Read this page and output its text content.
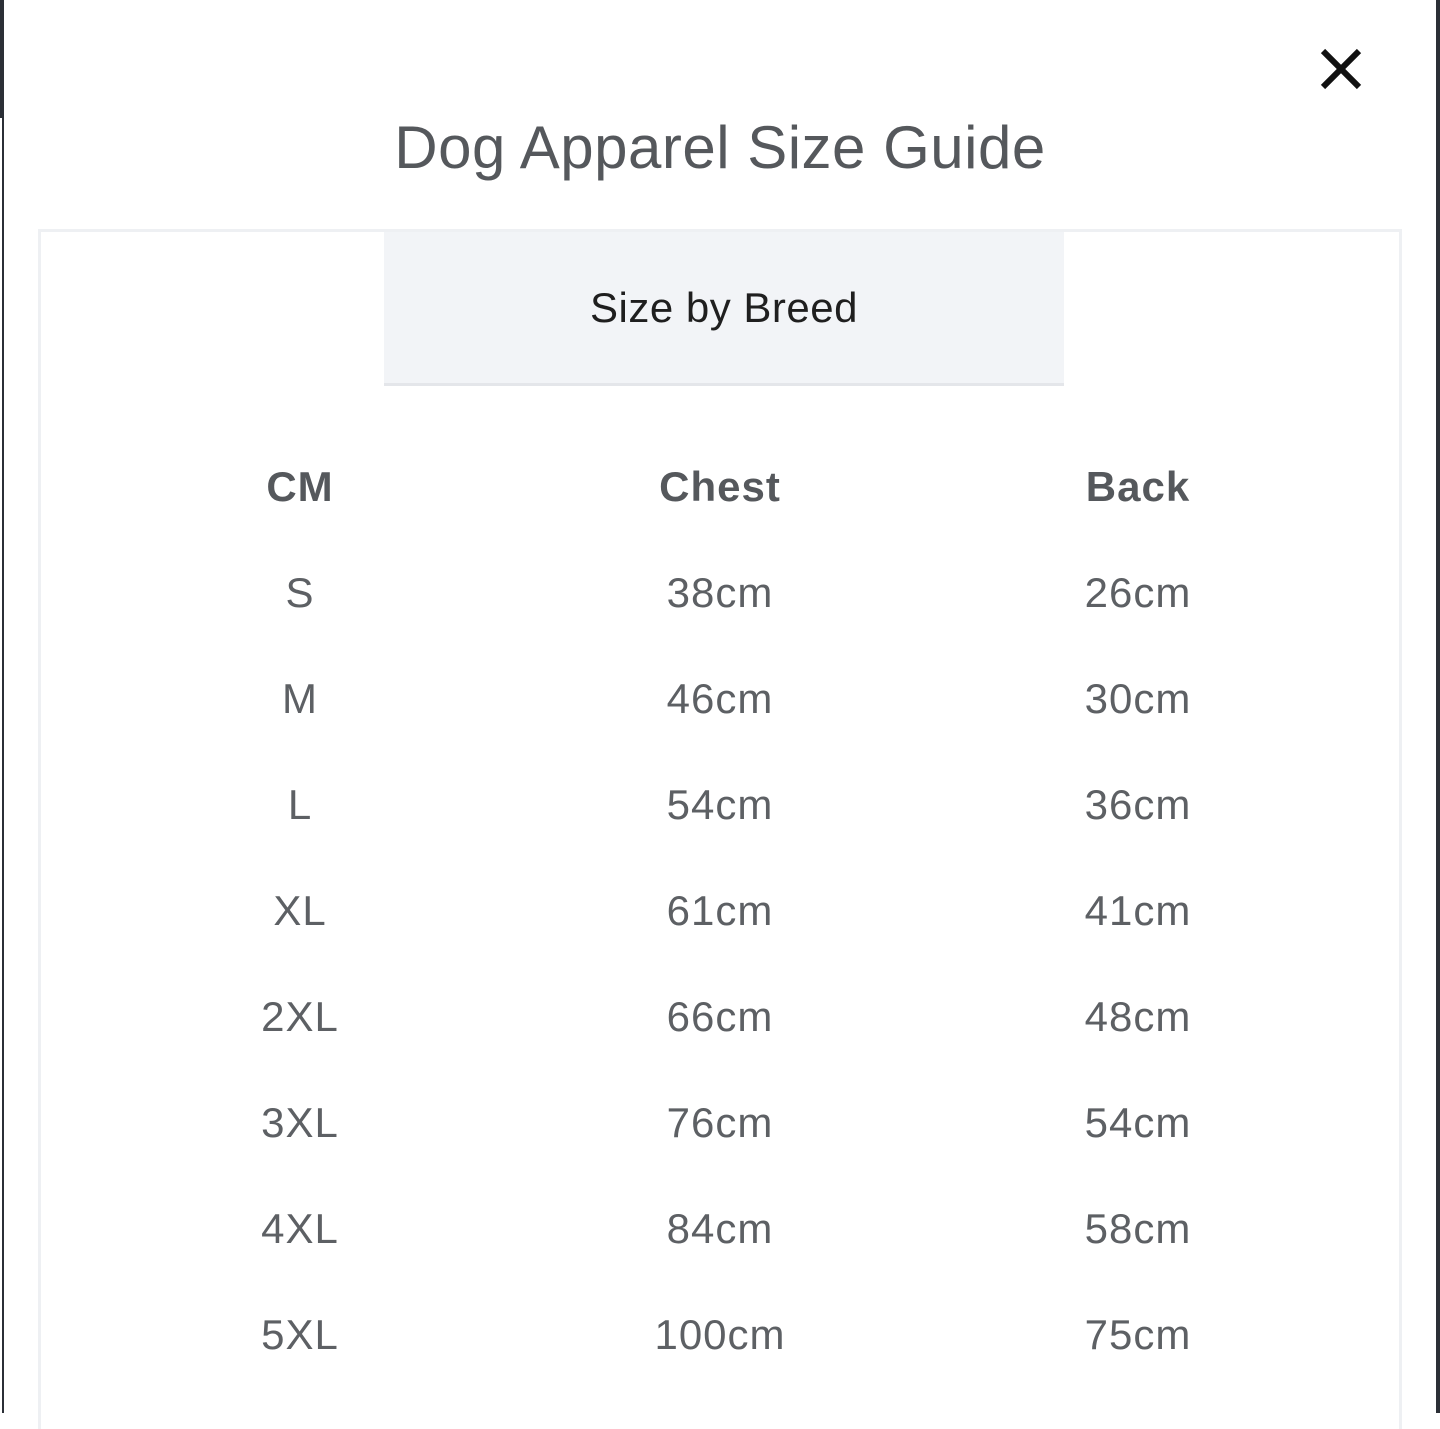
Dog Apparel Size Guide
Size by Breed
CM	Chest	Back
S	38cm	26cm
M	46cm	30cm
L	54cm	36cm
XL	61cm	41cm
2XL	66cm	48cm
3XL	76cm	54cm
4XL	84cm	58cm
5XL	100cm	75cm
